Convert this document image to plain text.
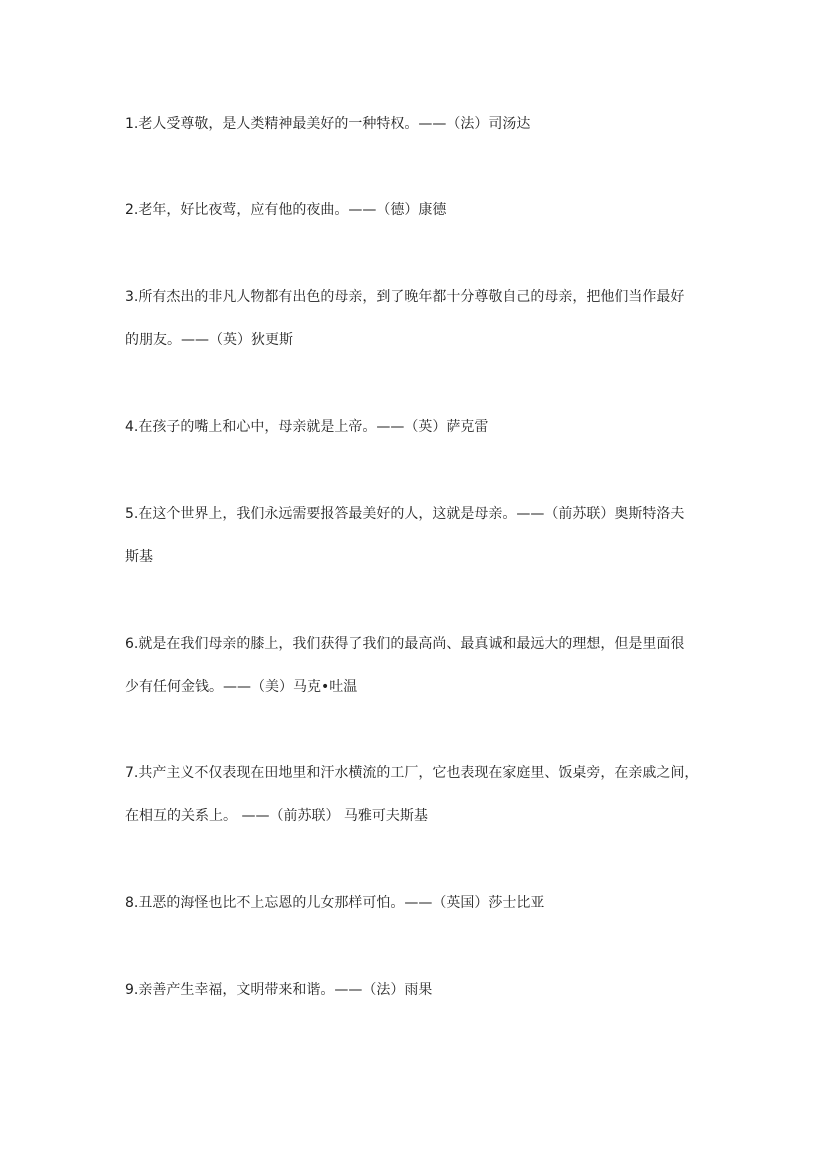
1.老人受尊敬，是人类精神最美好的一种特权。——（法）司汤达
2.老年，好比夜莺，应有他的夜曲。——（德）康德
3.所有杰出的非凡人物都有出色的母亲，到了晚年都十分尊敬自己的母亲，把他们当作最好
的朋友。——（英）狄更斯
4.在孩子的嘴上和心中，母亲就是上帝。——（英）萨克雷
5.在这个世界上，我们永远需要报答最美好的人，这就是母亲。——（前苏联）奥斯特洛夫
斯基
6.就是在我们母亲的膝上，我们获得了我们的最高尚、最真诚和最远大的理想，但是里面很
少有任何金钱。——（美）马克•吐温
7.共产主义不仅表现在田地里和汗水横流的工厂，它也表现在家庭里、饭桌旁，在亲戚之间，
在相互的关系上。 ——（前苏联） 马雅可夫斯基
8.丑恶的海怪也比不上忘恩的儿女那样可怕。——（英国）莎士比亚
9.亲善产生幸福，文明带来和谐。——（法）雨果
